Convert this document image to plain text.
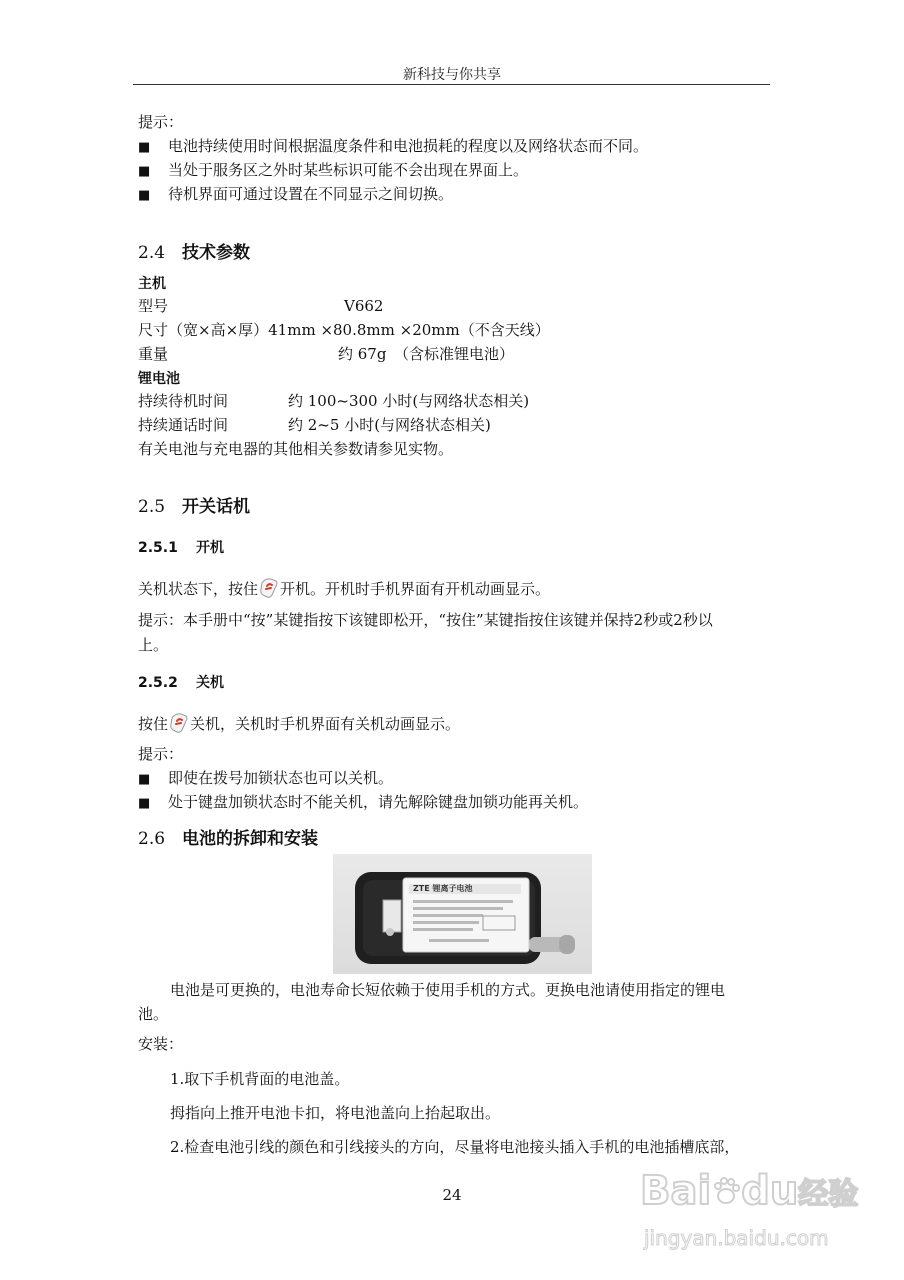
新科技与你共享
提示：
■ 电池持续使用时间根据温度条件和电池损耗的程度以及网络状态而不同。
■ 当处于服务区之外时某些标识可能不会出现在界面上。
■ 待机界面可通过设置在不同显示之间切换。
2.4 技术参数
主机
型号	V662
尺寸（宽×高×厚）41mm ×80.8mm ×20mm（不含天线）
重量	约 67g　（含标准锂电池）
锂电池
持续待机时间	约 100~300 小时(与网络状态相关)
持续通话时间	约 2~5 小时(与网络状态相关)
有关电池与充电器的其他相关参数请参见实物。
2.5 开关话机
2.5.1 开机
关机状态下，按住 开机。开机时手机界面有开机动画显示。
提示：本手册中“按”某键指按下该键即松开，“按住”某键指按住该键并保持2秒或2秒以
上。
2.5.2 关机
按住 关机，关机时手机界面有关机动画显示。
提示：
■ 即使在拨号加锁状态也可以关机。
■ 处于键盘加锁状态时不能关机，请先解除键盘加锁功能再关机。
2.6 电池的拆卸和安装
ZTE 锂离子电池
电池是可更换的，电池寿命长短依赖于使用手机的方式。更换电池请使用指定的锂电
池。
安装：
1.取下手机背面的电池盖。
拇指向上推开电池卡扣，将电池盖向上抬起取出。
2.检查电池引线的颜色和引线接头的方向，尽量将电池接头插入手机的电池插槽底部，
24	Bai du经验
jingyan.baidu.com
